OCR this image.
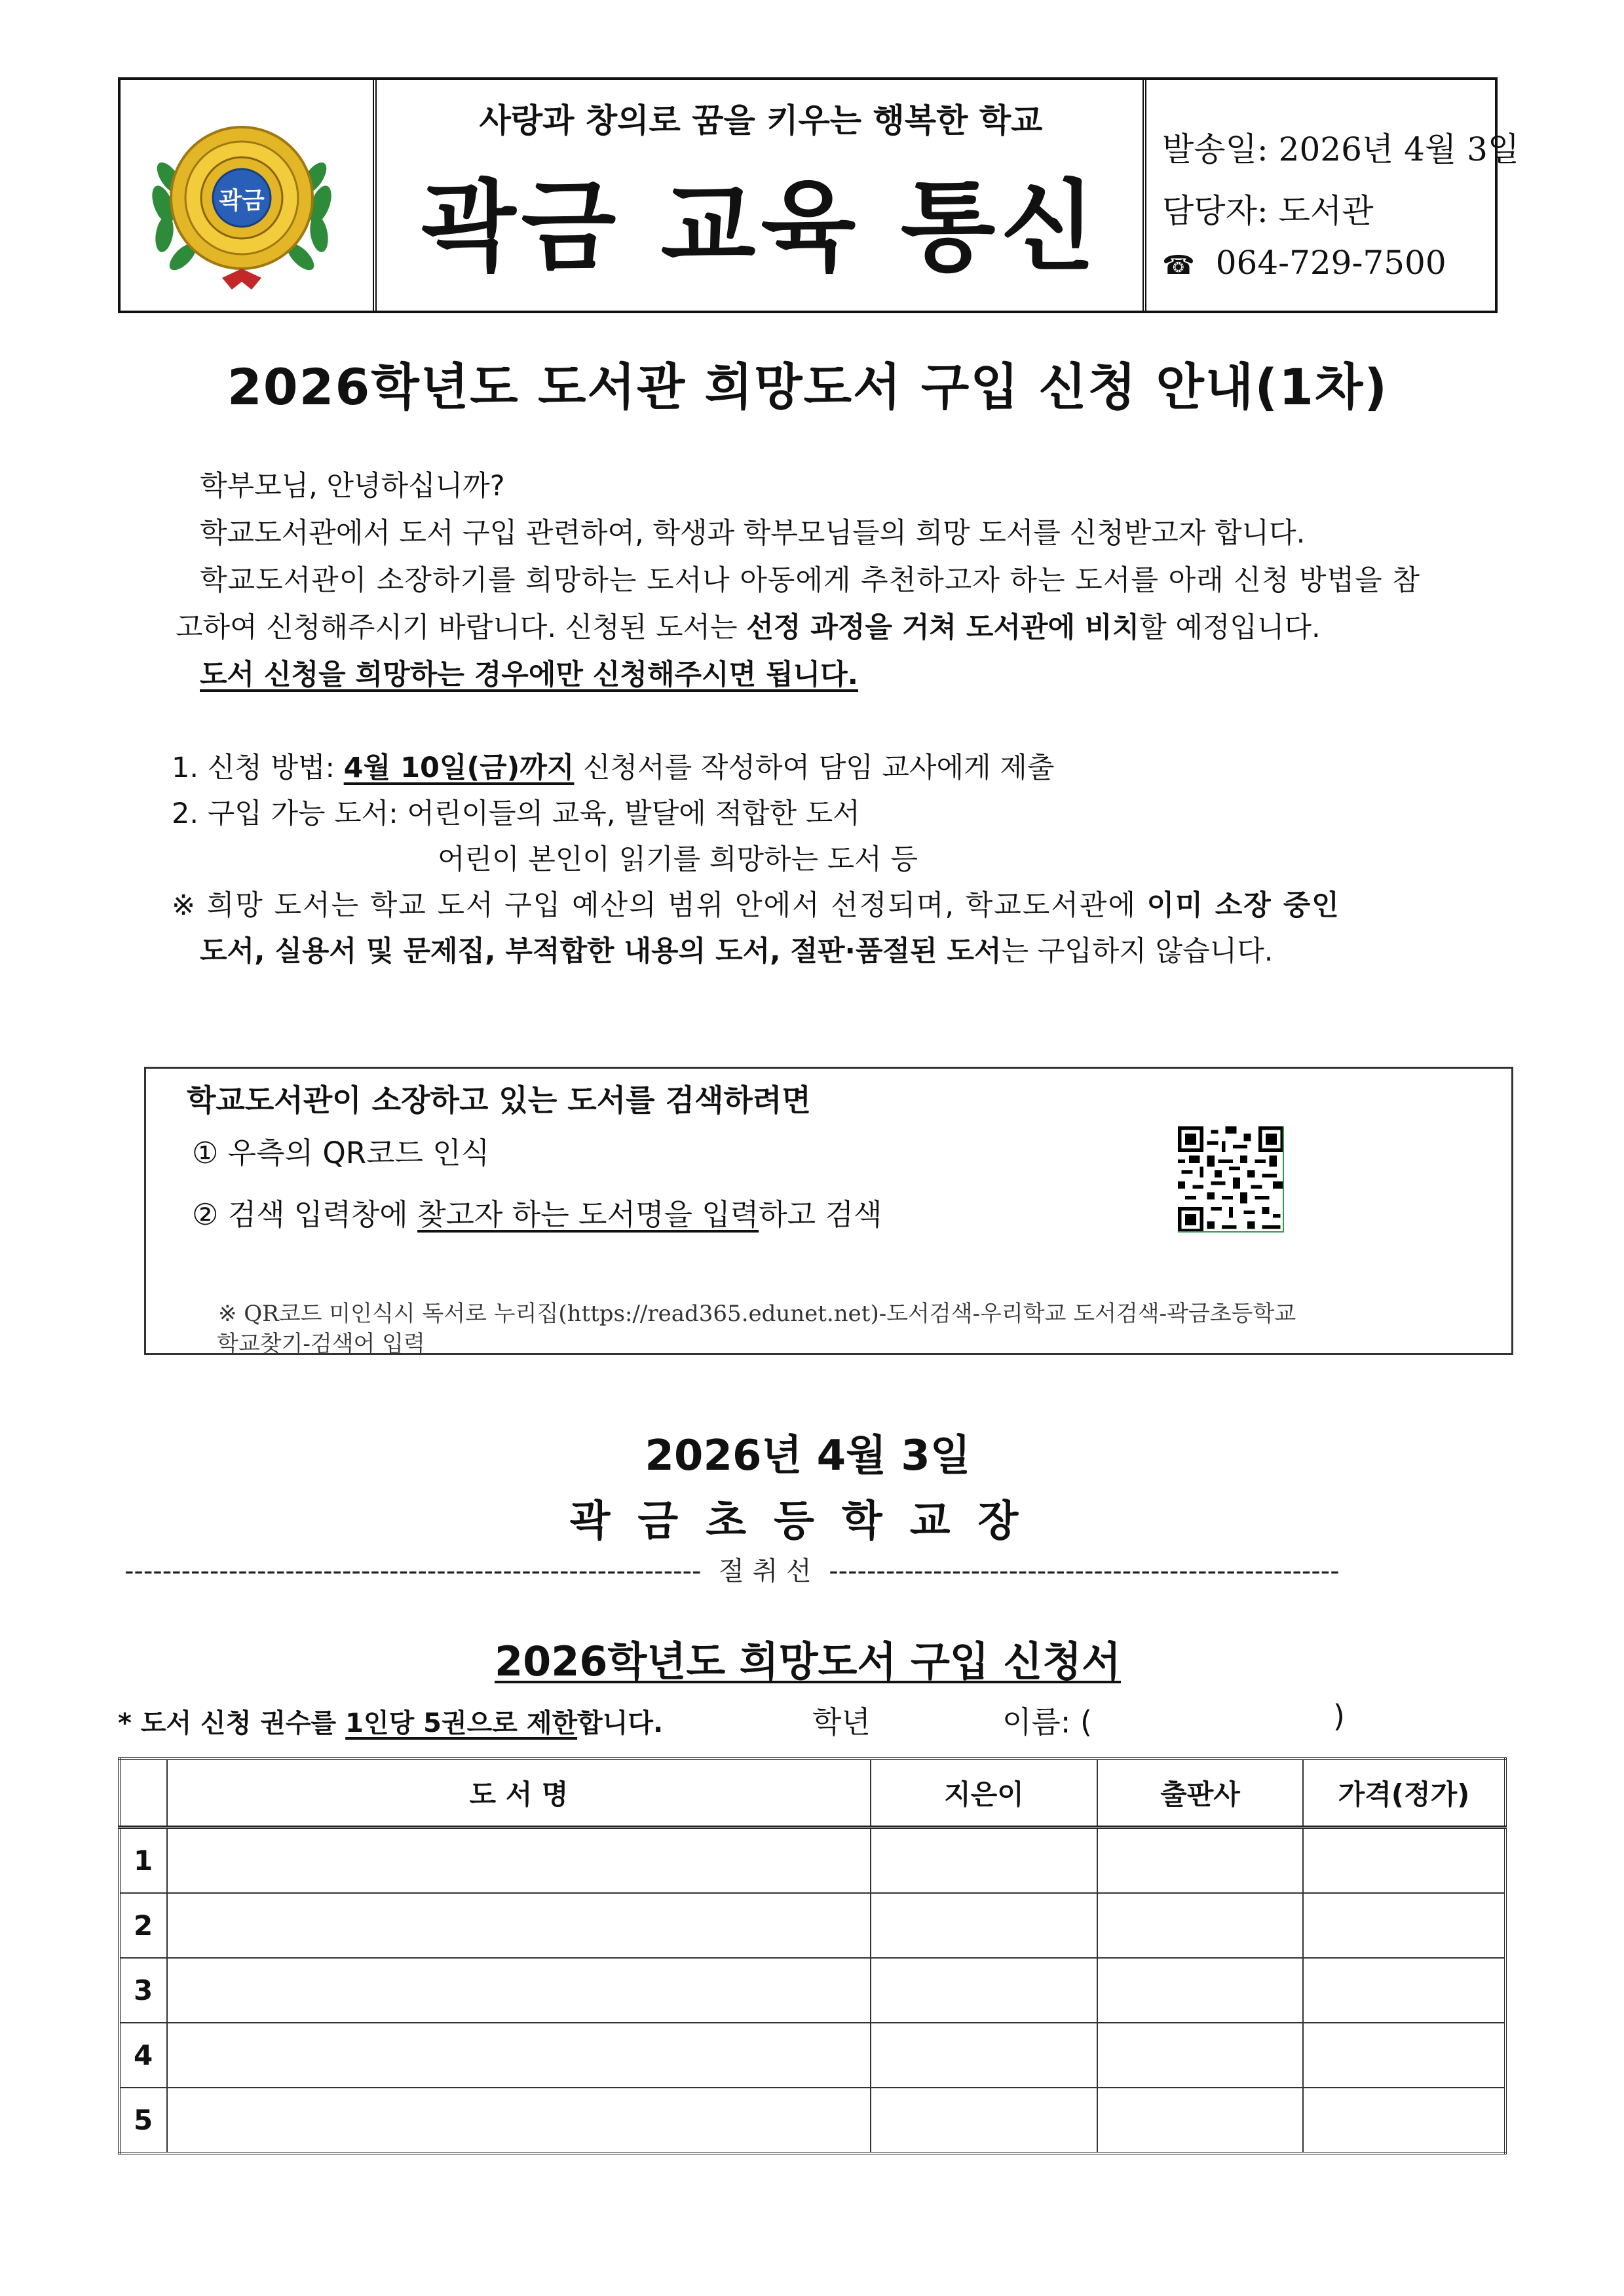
곽금
사랑과 창의로 꿈을 키우는 행복한 학교
곽금 교육 통신
발송일: 2026년 4월 3일
담당자: 도서관
☎ 064-729-7500
2026학년도 도서관 희망도서 구입 신청 안내(1차)
학부모님, 안녕하십니까?
학교도서관에서 도서 구입 관련하여, 학생과 학부모님들의 희망 도서를 신청받고자 합니다.
학교도서관이 소장하기를 희망하는 도서나 아동에게 추천하고자 하는 도서를 아래 신청 방법을 참
고하여 신청해주시기 바랍니다. 신청된 도서는 선정 과정을 거쳐 도서관에 비치할 예정입니다.
도서 신청을 희망하는 경우에만 신청해주시면 됩니다.
1. 신청 방법: 4월 10일(금)까지 신청서를 작성하여 담임 교사에게 제출
2. 구입 가능 도서: 어린이들의 교육, 발달에 적합한 도서
어린이 본인이 읽기를 희망하는 도서 등
※ 희망 도서는 학교 도서 구입 예산의 범위 안에서 선정되며, 학교도서관에 이미 소장 중인
도서, 실용서 및 문제집, 부적합한 내용의 도서, 절판·품절된 도서는 구입하지 않습니다.
학교도서관이 소장하고 있는 도서를 검색하려면
① 우측의 QR코드 인식
② 검색 입력창에 찾고자 하는 도서명을 입력하고 검색
※ QR코드 미인식시 독서로 누리집(https://read365.edunet.net)-도서검색-우리학교 도서검색-곽금초등학교
학교찾기-검색어 입력
2026년 4월 3일
곽금초등학교장
------------------------------------------------------------- 절 취 선 ------------------------------------------------------
2026학년도 희망도서 구입 신청서
* 도서 신청 권수를 1인당 5권으로 제한합니다.	학년	이름: (	)
	도 서 명	지은이	출판사	가격(정가)
1				
2				
3				
4				
5				
